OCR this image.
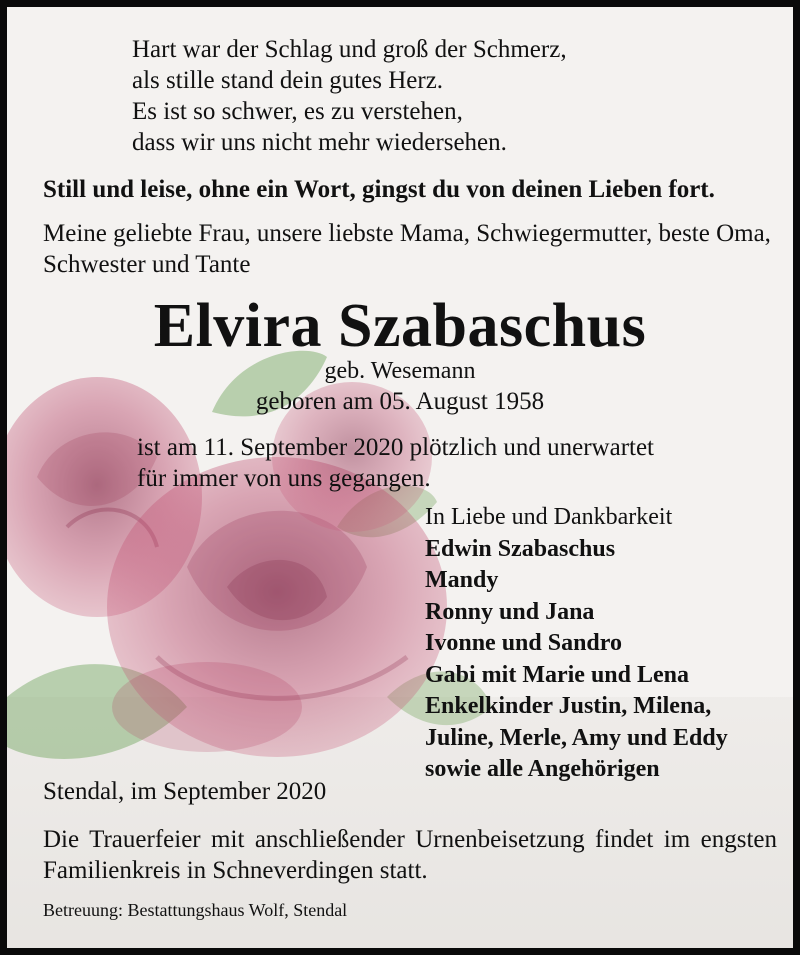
Hart war der Schlag und groß der Schmerz,
als stille stand dein gutes Herz.
Es ist so schwer, es zu verstehen,
dass wir uns nicht mehr wiedersehen.

Still und leise, ohne ein Wort, gingst du von deinen Lieben fort.

Meine geliebte Frau, unsere liebste Mama, Schwiegermutter, beste Oma, Schwester und Tante

Elvira Szabaschus

geb. Wesemann

geboren am 05. August 1958

ist am 11. September 2020 plötzlich und unerwartet
für immer von uns gegangen.
In Liebe und Dankbarkeit
Edwin Szabaschus
Mandy
Ronny und Jana
Ivonne und Sandro
Gabi mit Marie und Lena
Enkelkinder Justin, Milena,
Juline, Merle, Amy und Eddy
sowie alle Angehörigen

Stendal, im September 2020

Die Trauerfeier mit anschließender Urnenbeisetzung findet im engsten Familienkreis in Schneverdingen statt.

Betreuung: Bestattungshaus Wolf, Stendal
